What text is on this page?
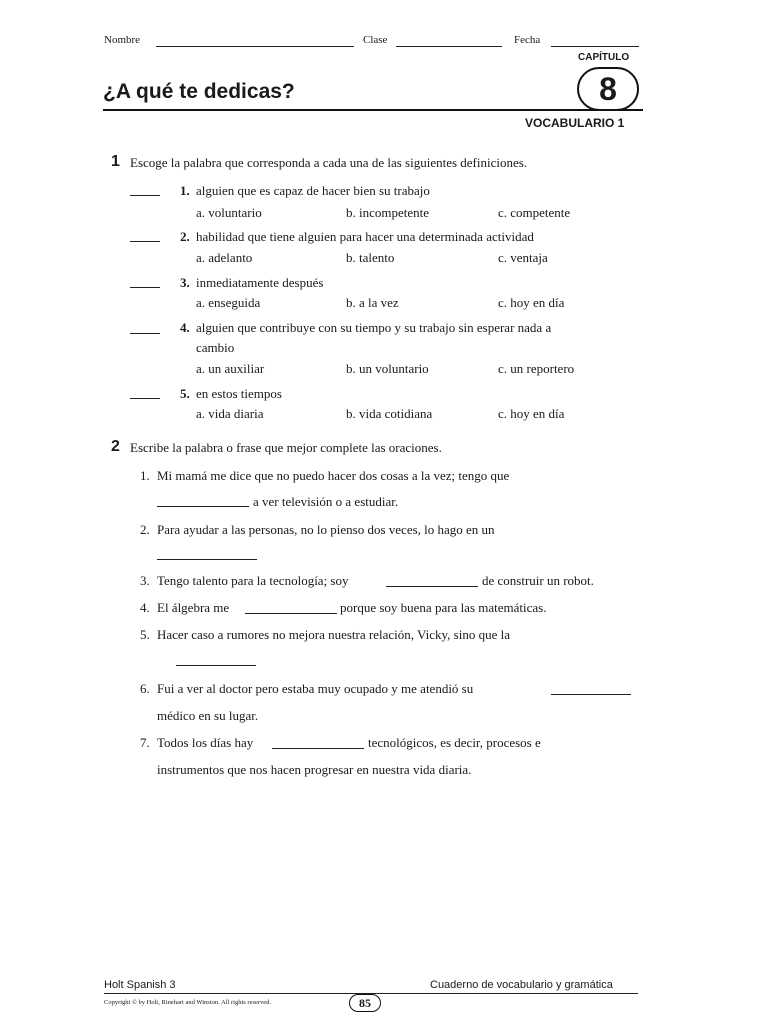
Nombre	Clase	Fecha
CAPÍTULO
8
¿A qué te dedicas?
VOCABULARIO 1
1 Escoge la palabra que corresponda a cada una de las siguientes definiciones.
1. alguien que es capaz de hacer bien su trabajo
a. voluntario	b. incompetente	c. competente
2. habilidad que tiene alguien para hacer una determinada actividad
a. adelanto	b. talento	c. ventaja
3. inmediatamente después
a. enseguida	b. a la vez	c. hoy en día
4. alguien que contribuye con su tiempo y su trabajo sin esperar nada a
cambio
a. un auxiliar	b. un voluntario	c. un reportero
5. en estos tiempos
a. vida diaria	b. vida cotidiana	c. hoy en día
2 Escribe la palabra o frase que mejor complete las oraciones.
1. Mi mamá me dice que no puedo hacer dos cosas a la vez; tengo que
a ver televisión o a estudiar.
2. Para ayudar a las personas, no lo pienso dos veces, lo hago en un
3. Tengo talento para la tecnología; soy	de construir un robot.
4. El álgebra me	porque soy buena para las matemáticas.
5. Hacer caso a rumores no mejora nuestra relación, Vicky, sino que la
6. Fui a ver al doctor pero estaba muy ocupado y me atendió su
médico en su lugar.
7. Todos los días hay	tecnológicos, es decir, procesos e
instrumentos que nos hacen progresar en nuestra vida diaria.
Holt Spanish 3	Cuaderno de vocabulario y gramática
Copyright © by Holt, Rinehart and Winston. All rights reserved.	85
